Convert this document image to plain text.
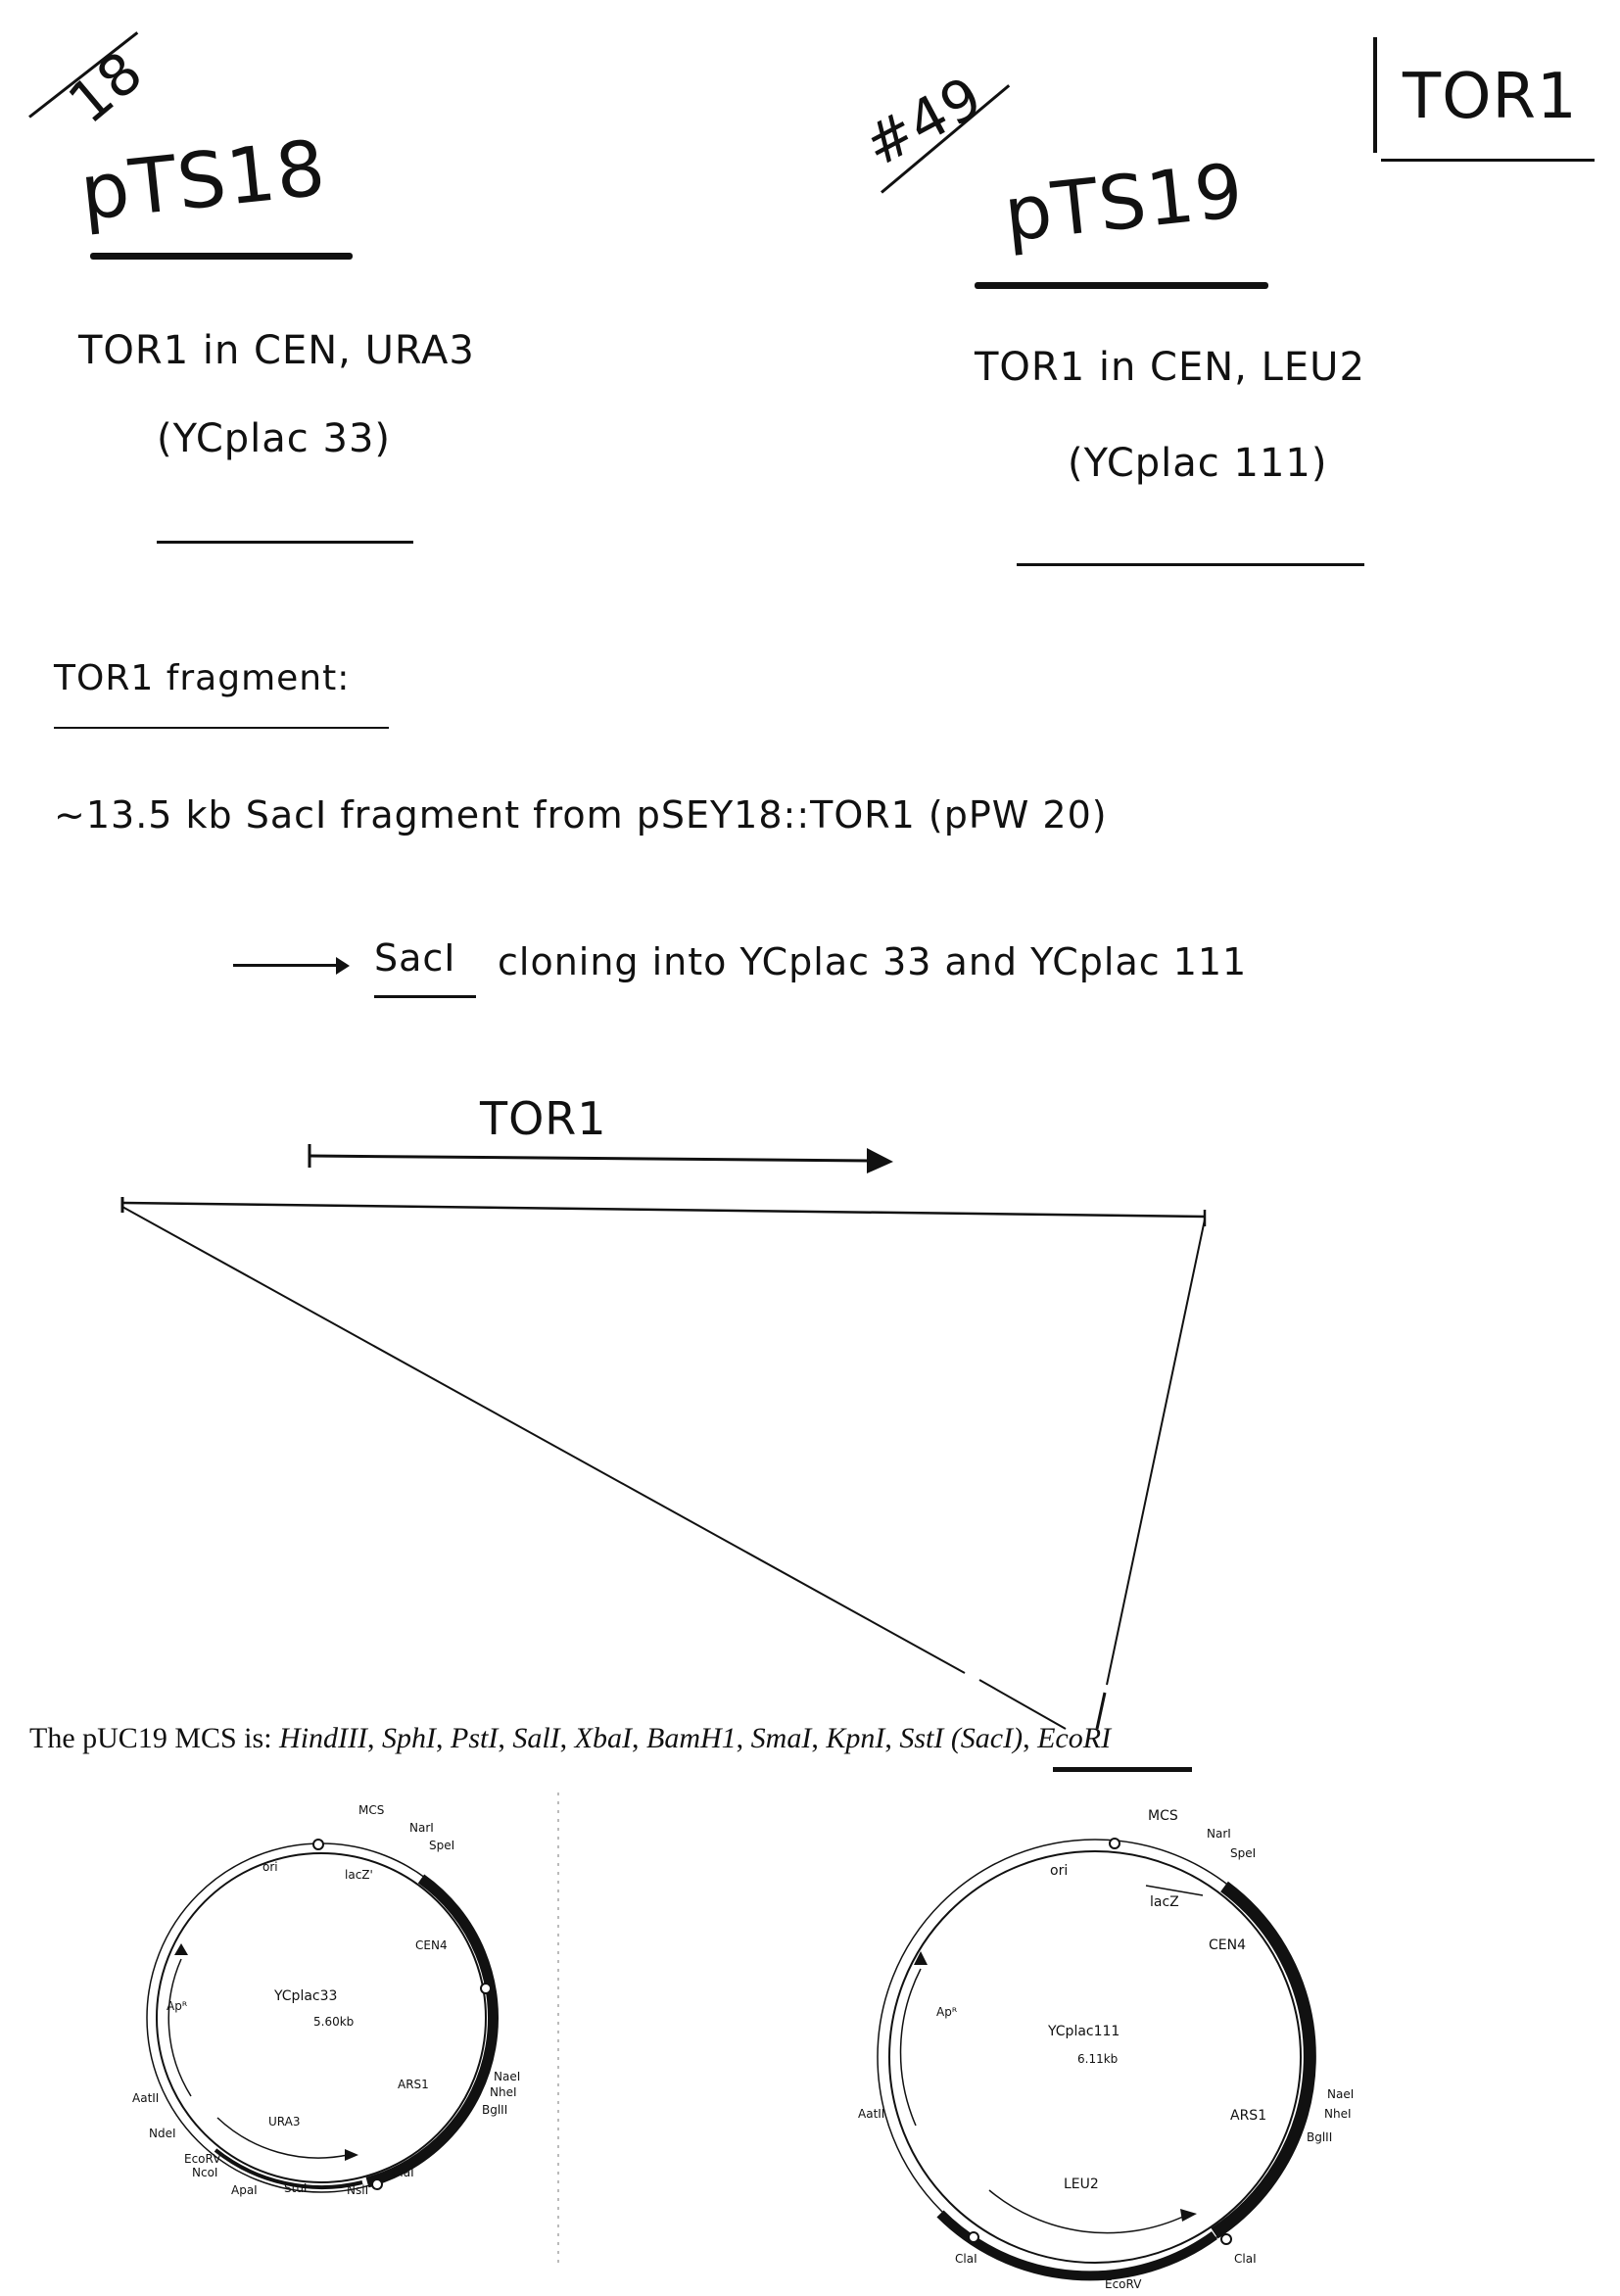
18
pTS18
TOR1 in CEN, URA3
(YCplac 33)
#49
pTS19
TOR1 in CEN, LEU2
(YCplac 111)
TOR1
TOR1 fragment:
~13.5 kb SacI fragment from pSEY18::TOR1 (pPW 20)
SacI cloning into YCplac 33 and YCplac 111
TOR1
The pUC19 MCS is: HindIII, SphI, PstI, SalI, XbaI, BamH1, SmaI, KpnI, SstI (SacI), EcoRI
MCS
NarI
SpeI
ori
lacZ'
CEN4
Apᴿ
YCplac33
5.60kb
ARS1
NaeI
NheI
BglII
AatII
NdeI
URA3
EcoRV
NcoI
ApaI StuI	NsiI
ClaI
MCS
NarI
SpeI
ori
lacZ
CEN4
Apᴿ
YCplac111
6.11kb
NaeI
ARS1	NheI
BglII
AatII
LEU2
ClaI	ClaI
EcoRV
